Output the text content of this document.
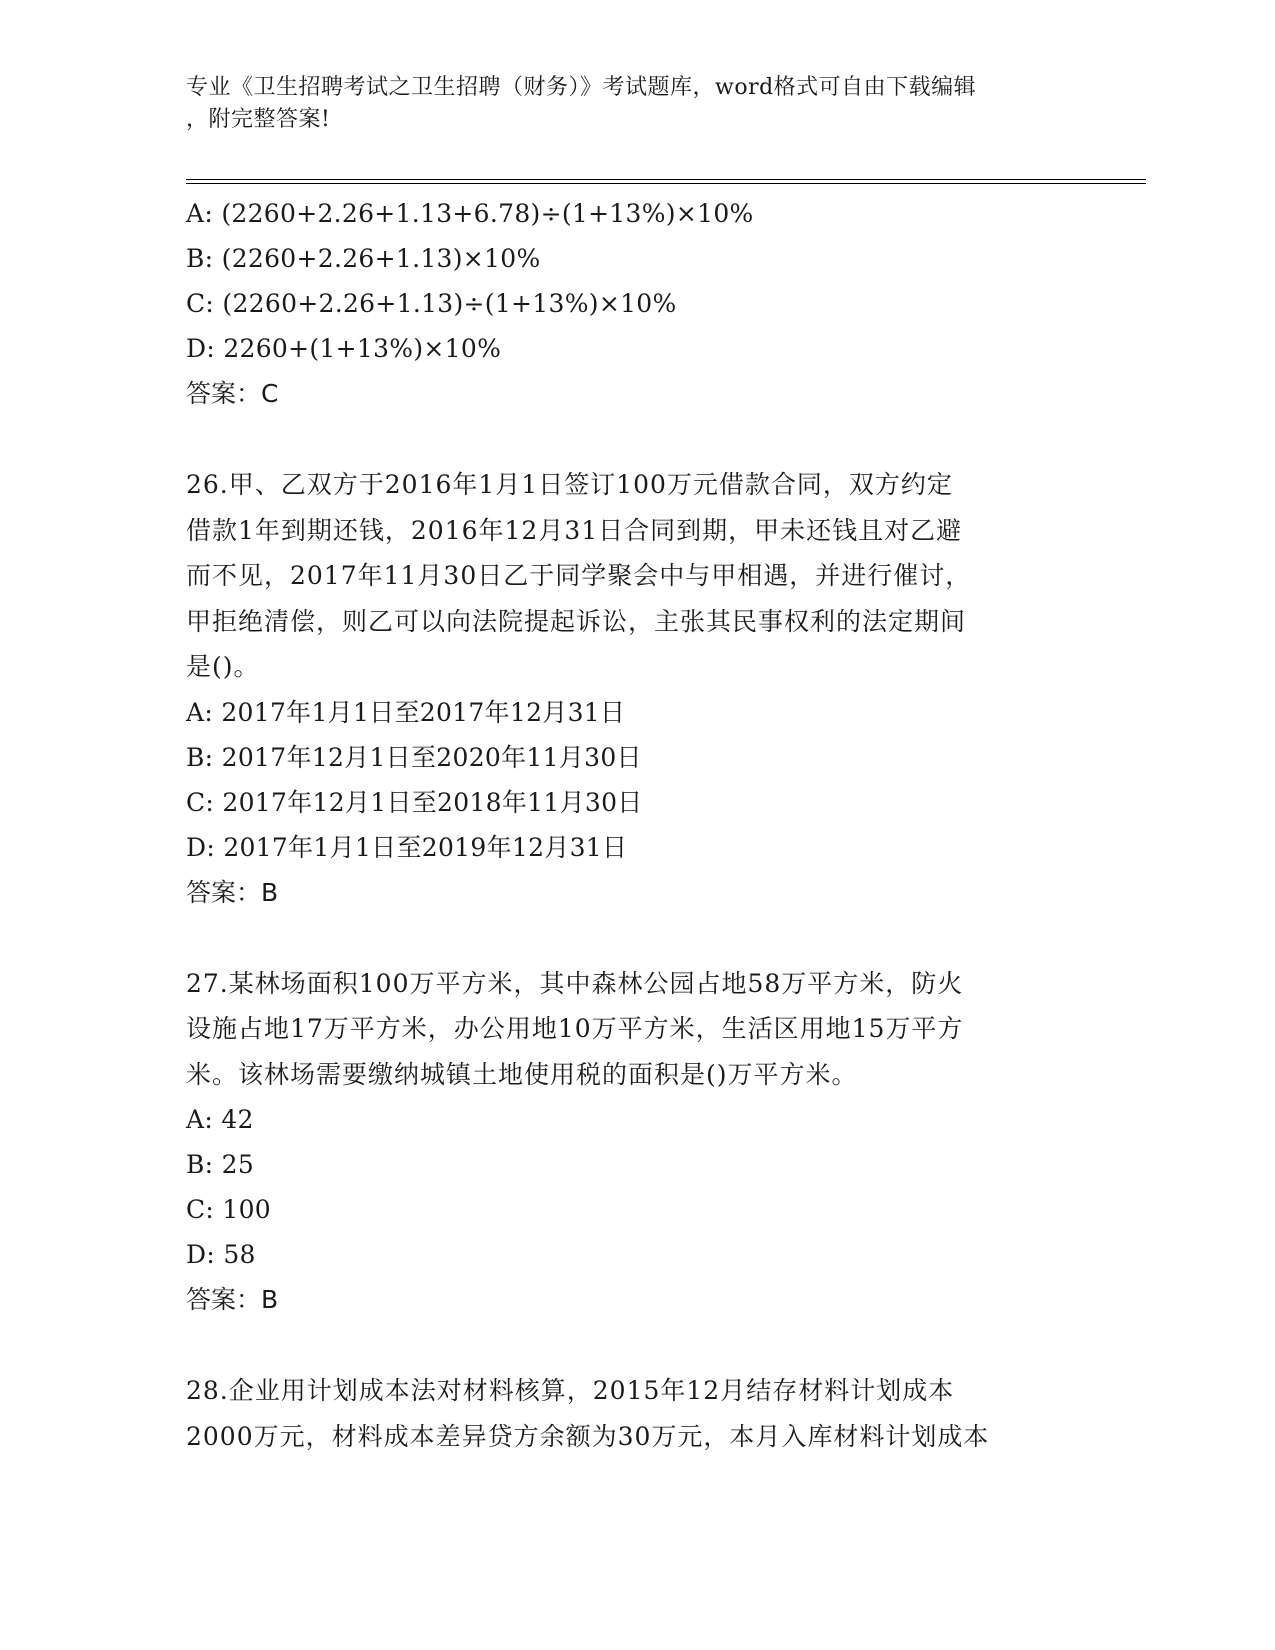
专业《卫生招聘考试之卫生招聘（财务）》考试题库，word格式可自由下载编辑
，附完整答案!
A: (2260+2.26+1.13+6.78)÷(1+13%)×10%
B: (2260+2.26+1.13)×10%
C: (2260+2.26+1.13)÷(1+13%)×10%
D: 2260+(1+13%)×10%
答案：C
26.甲、乙双方于2016年1月1日签订100万元借款合同，双方约定
借款1年到期还钱，2016年12月31日合同到期，甲未还钱且对乙避
而不见，2017年11月30日乙于同学聚会中与甲相遇，并进行催讨，
甲拒绝清偿，则乙可以向法院提起诉讼，主张其民事权利的法定期间
是()。
A: 2017年1月1日至2017年12月31日
B: 2017年12月1日至2020年11月30日
C: 2017年12月1日至2018年11月30日
D: 2017年1月1日至2019年12月31日
答案：B
27.某林场面积100万平方米，其中森林公园占地58万平方米，防火
设施占地17万平方米，办公用地10万平方米，生活区用地15万平方
米。该林场需要缴纳城镇土地使用税的面积是()万平方米。
A: 42
B: 25
C: 100
D: 58
答案：B
28.企业用计划成本法对材料核算，2015年12月结存材料计划成本
2000万元，材料成本差异贷方余额为30万元，本月入库材料计划成本
